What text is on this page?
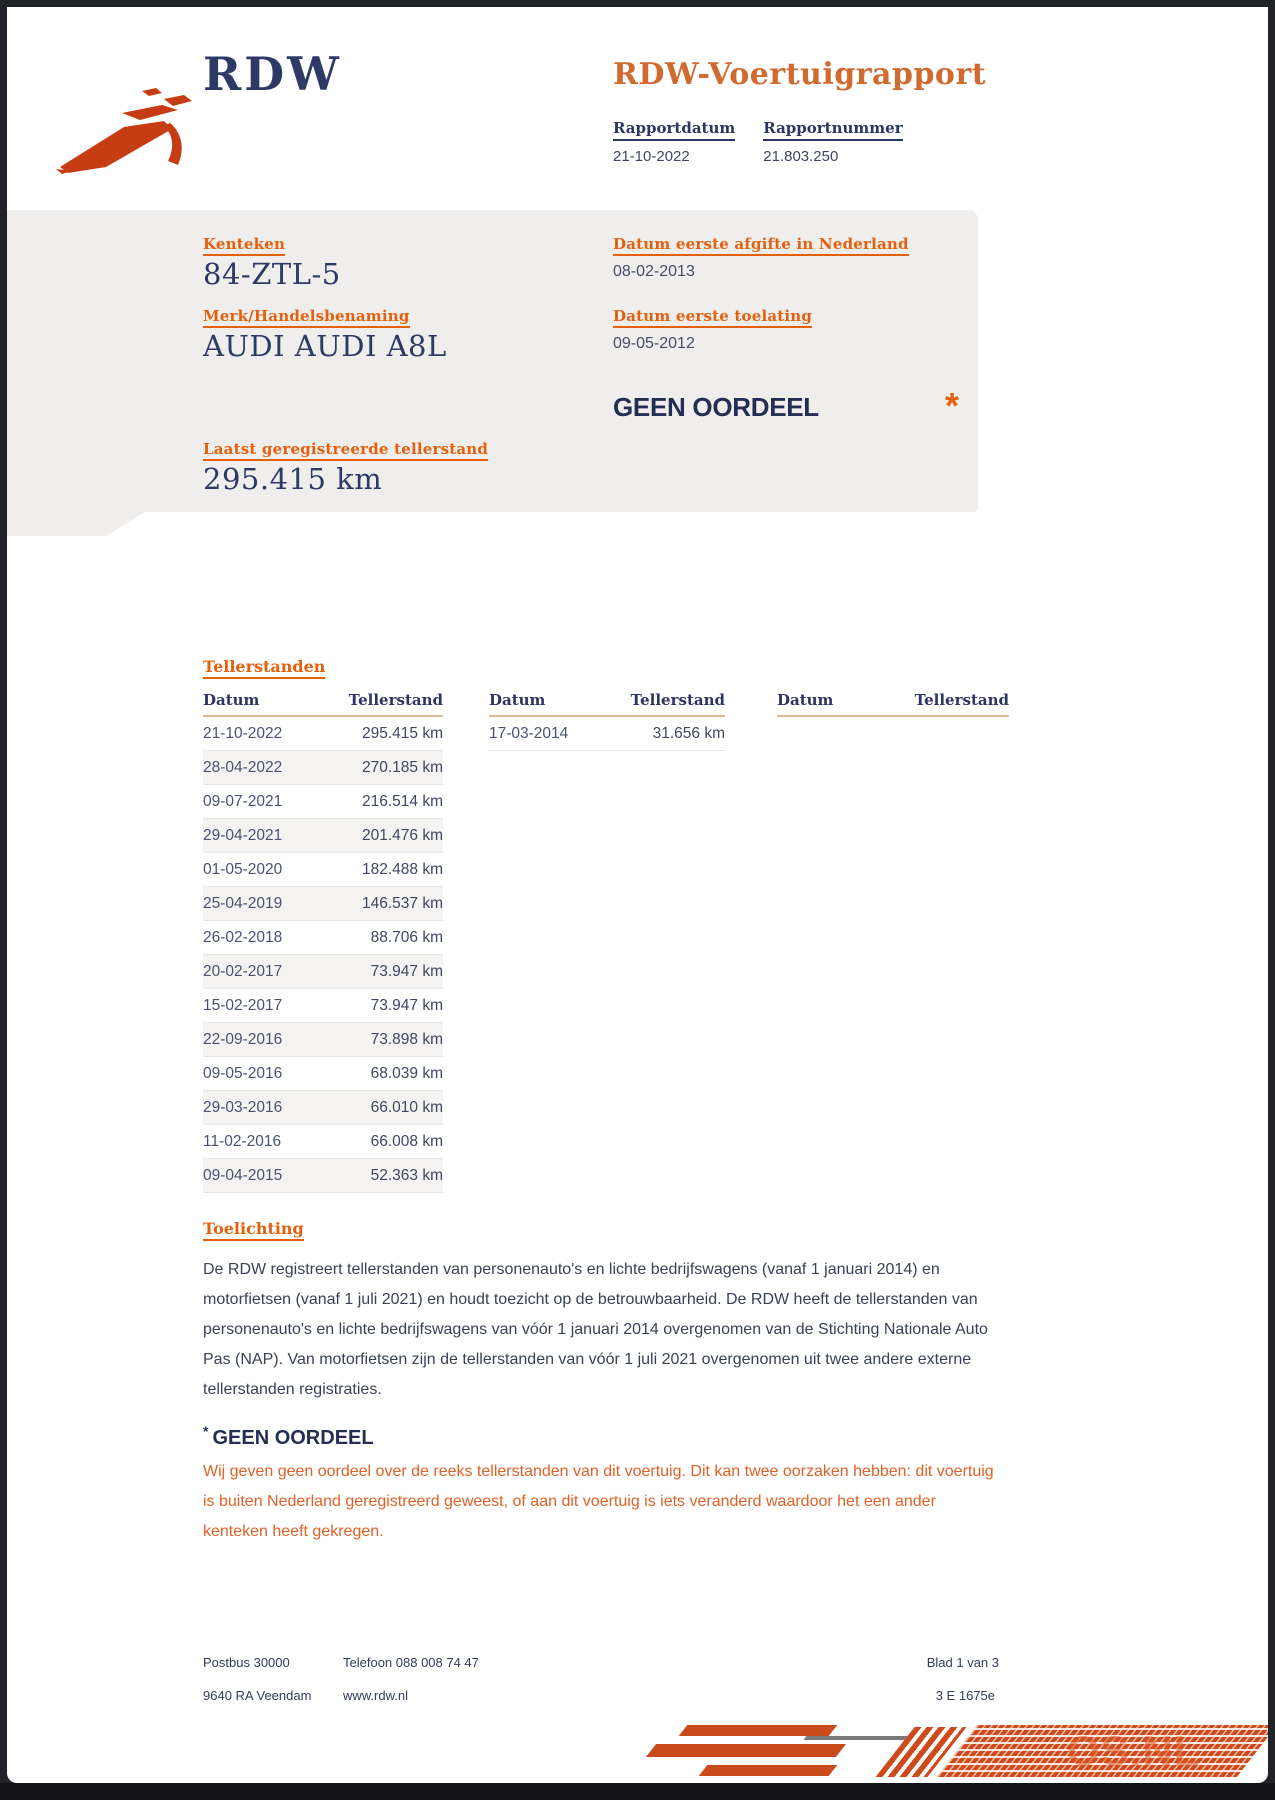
RDW	RDW-Voertuigrapport
Rapportdatum
21-10-2022
Rapportnummer
21.803.250
Kenteken
84-ZTL-5
Merk/Handelsbenaming
AUDI AUDI A8L
Laatst geregistreerde tellerstand
295.415 km
Datum eerste afgifte in Nederland
08-02-2013
Datum eerste toelating
09-05-2012
GEEN OORDEEL	*
Tellerstanden
Datum	Tellerstand
21-10-2022	295.415 km
28-04-2022	270.185 km
09-07-2021	216.514 km
29-04-2021	201.476 km
01-05-2020	182.488 km
25-04-2019	146.537 km
26-02-2018	88.706 km
20-02-2017	73.947 km
15-02-2017	73.947 km
22-09-2016	73.898 km
09-05-2016	68.039 km
29-03-2016	66.010 km
11-02-2016	66.008 km
09-04-2015	52.363 km
Datum	Tellerstand
17-03-2014	31.656 km
Datum	Tellerstand
Toelichting
De RDW registreert tellerstanden van personenauto's en lichte bedrijfswagens (vanaf 1 januari 2014) en motorfietsen (vanaf 1 juli 2021) en houdt toezicht op de betrouwbaarheid. De RDW heeft de tellerstanden van personenauto's en lichte bedrijfswagens van vóór 1 januari 2014 overgenomen van de Stichting Nationale Auto Pas (NAP). Van motorfietsen zijn de tellerstanden van vóór 1 juli 2021 overgenomen uit twee andere externe tellerstanden registraties.
* GEEN OORDEEL
Wij geven geen oordeel over de reeks tellerstanden van dit voertuig. Dit kan twee oorzaken hebben: dit voertuig is buiten Nederland geregistreerd geweest, of aan dit voertuig is iets veranderd waardoor het een ander kenteken heeft gekregen.
Postbus 30000
9640 RA Veendam
Telefoon 088 008 74 47
www.rdw.nl
Blad 1 van 3
3 E 1675e
OS.NL
